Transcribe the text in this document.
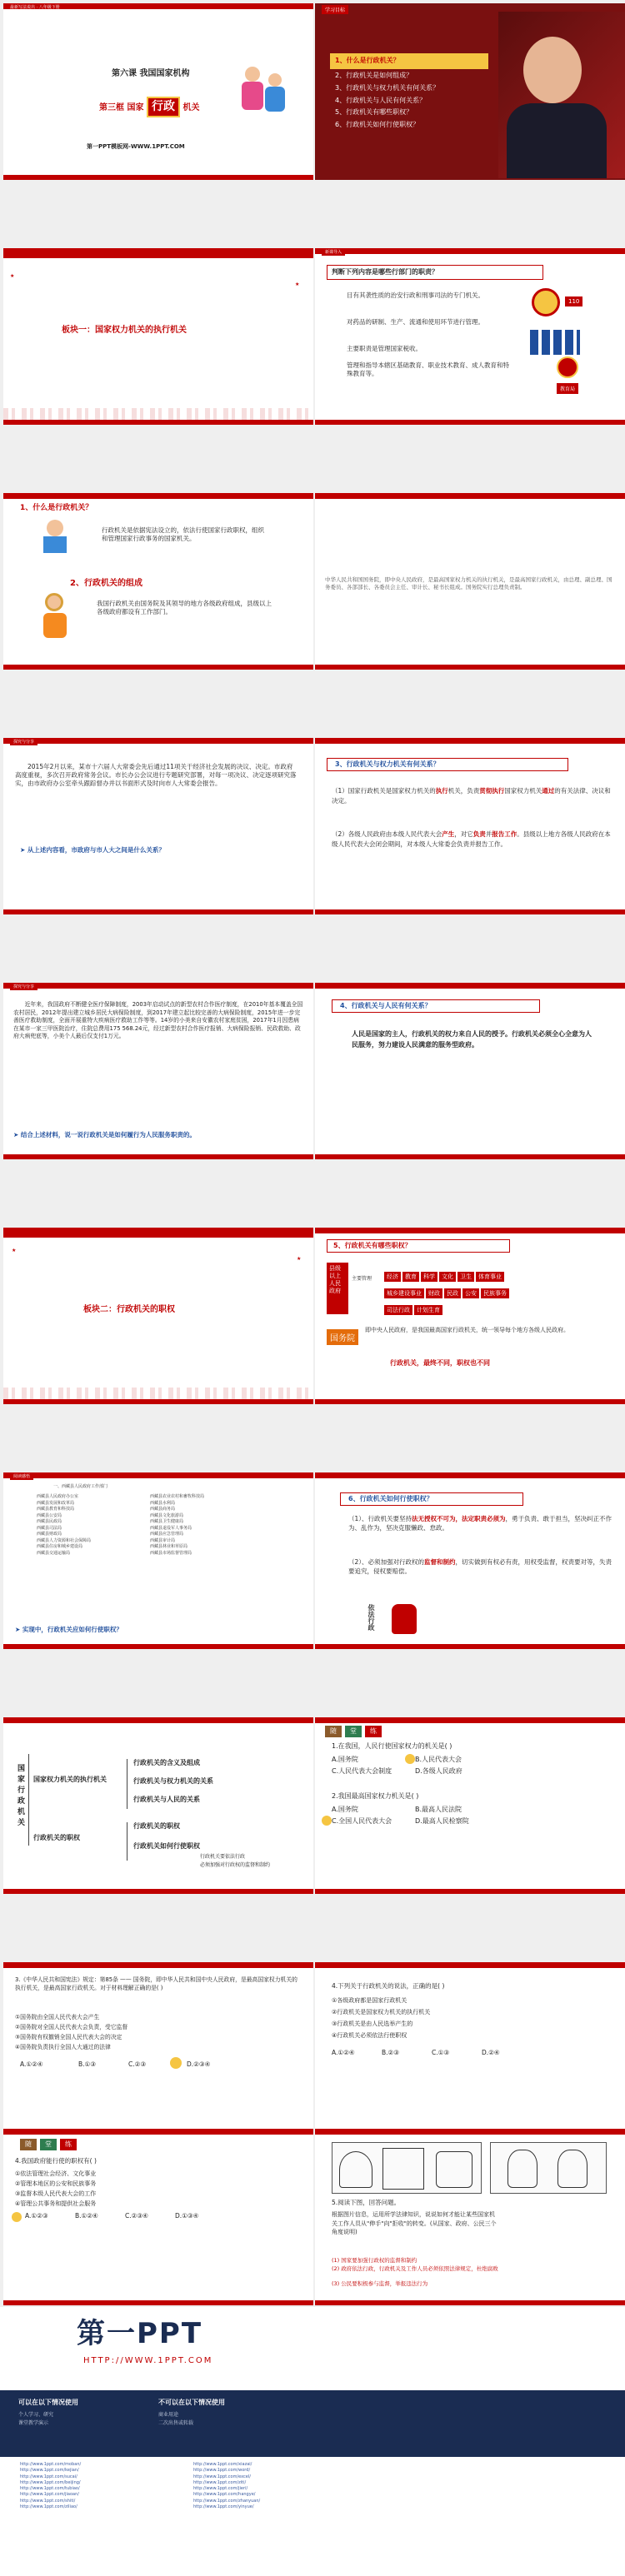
最新写法说出 · 八年级下册
第六课 我国国家机构
第三框 国家 行政 机关
第一PPT模板网-WWW.1PPT.COM
学习目标
1、什么是行政机关？
2、行政机关是如何组成？
3、行政机关与权力机关有何关系？
4、行政机关与人民有何关系？
5、行政机关有哪些职权？
6、行政机关如何行使职权？
★
★
板块一：国家权力机关的执行机关
新课导入
判断下列内容是哪些行部门的职责？
目有其袭性质的治安行政和刑事司法的专门机关。
对药品的研制、生产、流通和使用环节进行管理。
主要职责是管理国家税收。
管理和指导本辖区基础教育、职业技术教育、成人教育和特殊教育等。
110
教育局
1、什么是行政机关？
行政机关是依据宪法设立的，依法行使国家行政职权，组织和管理国家行政事务的国家机关。
2、行政机关的组成
我国行政机关由国务院及其领导的地方各级政府组成，县级以上各级政府都设有工作部门。
中华人民共和国国务院，即中央人民政府，是最高国家权力机关的执行机关，是最高国家行政机关，由总理、副总理、国务委员、各部部长、各委员会主任、审计长、秘书长组成。国务院实行总理负责制。
探究与分享
2015年2月以来，某市十六届人大常委会先后通过11项关于经济社会发展的决议、决定。市政府高度重视，多次召开政府常务会议。市长办公会议进行专题研究部署，对每一项决议、决定逐项研究落实，由市政府办公室牵头跟踪督办并以书面形式及时向市人大常委会报告。
➤ 从上述内容看，市政府与市人大之间是什么关系？
3、行政机关与权力机关有何关系？
（1）国家行政机关是国家权力机关的执行机关，负责贯彻执行国家权力机关通过的有关法律、决议和决定。
（2）各级人民政府由本级人民代表大会产生，对它负责并报告工作。县级以上地方各级人民政府在本级人民代表大会闭会期间，对本级人大常委会负责并报告工作。
探究与分享
近年来，我国政府不断健全医疗保障制度，2003年启动试点的新型农村合作医疗制度，在2010年基本覆盖全国农村居民，2012年提出建立城乡居民大病保险制度，到2017年建立起比较完善的大病保险制度，2015年进一步完善医疗救助制度，全面开展重特大疾病医疗救助工作等等。14岁的小美来自安徽农村家庭贫困，2017年1月因患病在某市一家三甲医院治疗，住院总费用175 568.24元，经过新型农村合作医疗报销、大病保险报销、民政救助、政府大病兜底等，小美个人最后仅支付1万元。
➤ 结合上述材料，说一说行政机关是如何履行为人民服务职责的。
4、行政机关与人民有何关系？
人民是国家的主人，行政机关的权力来自人民的授予。行政机关必须全心全意为人民服务，努力建设人民满意的服务型政府。
★
★
板块二：行政机关的职权
5、行政机关有哪些职权？
县级以上人民政府
主要管理	经济 教育 科学 文化 卫生 体育事业
城乡建设事业 财政 民政 公安 民族事务
司法行政 计划生育
国务院
即中央人民政府，是我国最高国家行政机关，统一领导每个地方各级人民政府。
行政机关，最终不同，职权也不同
阅读感悟
一、西藏县人民政府工作部门
西藏县人民政府办公室
西藏县发展和改革局
西藏县教育和科技局
西藏县公安局
西藏县民政局
西藏县司法局
西藏县财政局
西藏县人力资源和社会保障局
西藏县住房和城乡建设局
西藏县交通运输局
西藏县农业农村和畜牧科技局
西藏县水利局
西藏县商务局
西藏县文化旅游局
西藏县卫生健康局
西藏县退役军人事务局
西藏县应急管理局
西藏县审计局
西藏县林业和草原局
西藏县市场监督管理局
➤ 实现中，行政机关应如何行使职权？
6、行政机关如何行使职权？
（1）、行政机关要坚持法无授权不可为，法定职责必须为，勇于负责、敢于担当，坚决纠正不作为、乱作为，坚决克服懒政、怠政。
（2）、必须加强对行政权的监督和制约，切实做到有权必有责，用权受监督，权责要对等，失责要追究，侵权要赔偿。
依法行政
国家行政机关 国家权力机关的执行机关
行政机关的职权
行政机关的含义及组成
行政机关与权力机关的关系
行政机关与人民的关系
行政机关的职权
行政机关如何行使职权
行政机关要依法行政
必须加强对行政权的监督和制约
随	堂	练
1.在我国，人民行使国家权力的机关是( )
A.国务院	B.人民代表大会
C.人民代表大会制度	D.各级人民政府
2.我国最高国家权力机关是( )
A.国务院	B.最高人民法院
C.全国人民代表大会	D.最高人民检察院
3.《中华人民共和国宪法》规定：第85条 —— 国务院，即中华人民共和国中央人民政府，是最高国家权力机关的执行机关，是最高国家行政机关。对于材料理解正确的是( )
①国务院由全国人民代表大会产生
②国务院对全国人民代表大会负责，受它监督
③国务院有权撤销全国人民代表大会的决定
④国务院负责执行全国人大通过的法律
A.①②④	B.①③	C.②③	D.②③④
4.下列关于行政机关的说法，正确的是( )
①各级政府都是国家行政机关
②行政机关是国家权力机关的执行机关
③行政机关是由人民选举产生的
④行政机关必须依法行使职权
A.①②④	B.②③	C.①③	D.②④
随	堂	练
4.我国政府能行使的职权有( )
①依法管理社会经济、文化事业
②管理本地区的公安和民族事务
③监督本级人民代表大会的工作
④管理公共事务和提供社会服务
A.①②③	B.①②④	C.②③④	D.①③④
5.阅读下图，回答问题。
根据图片信息，运用所学法律知识，说说如何才能让某些国家机关工作人员从"伸手"向"拒收"的转变。(从国家、政府、公民三个角度说明)
(1) 国家要加强行政权的监督和制约
(2) 政府依法行政，行政机关及工作人员必须依照法律规定，杜绝腐败
(3) 公民要积极参与监督，举报违法行为
第一PPT
HTTP://WWW.1PPT.COM
可以在以下情况使用
个人学习、研究
课堂教学演示
不可以在以下情况使用
商业用途
二次出售或转载
http://www.1ppt.com/moban/
http://www.1ppt.com/kejian/
http://www.1ppt.com/sucai/
http://www.1ppt.com/beijing/
http://www.1ppt.com/tubiao/
http://www.1ppt.com/jiaoan/
http://www.1ppt.com/shiti/
http://www.1ppt.com/ziliao/
http://www.1ppt.com/xiazai/
http://www.1ppt.com/word/
http://www.1ppt.com/excel/
http://www.1ppt.com/ziti/
http://www.1ppt.com/jieri/
http://www.1ppt.com/hangye/
http://www.1ppt.com/zhanyuan/
http://www.1ppt.com/yinyue/
